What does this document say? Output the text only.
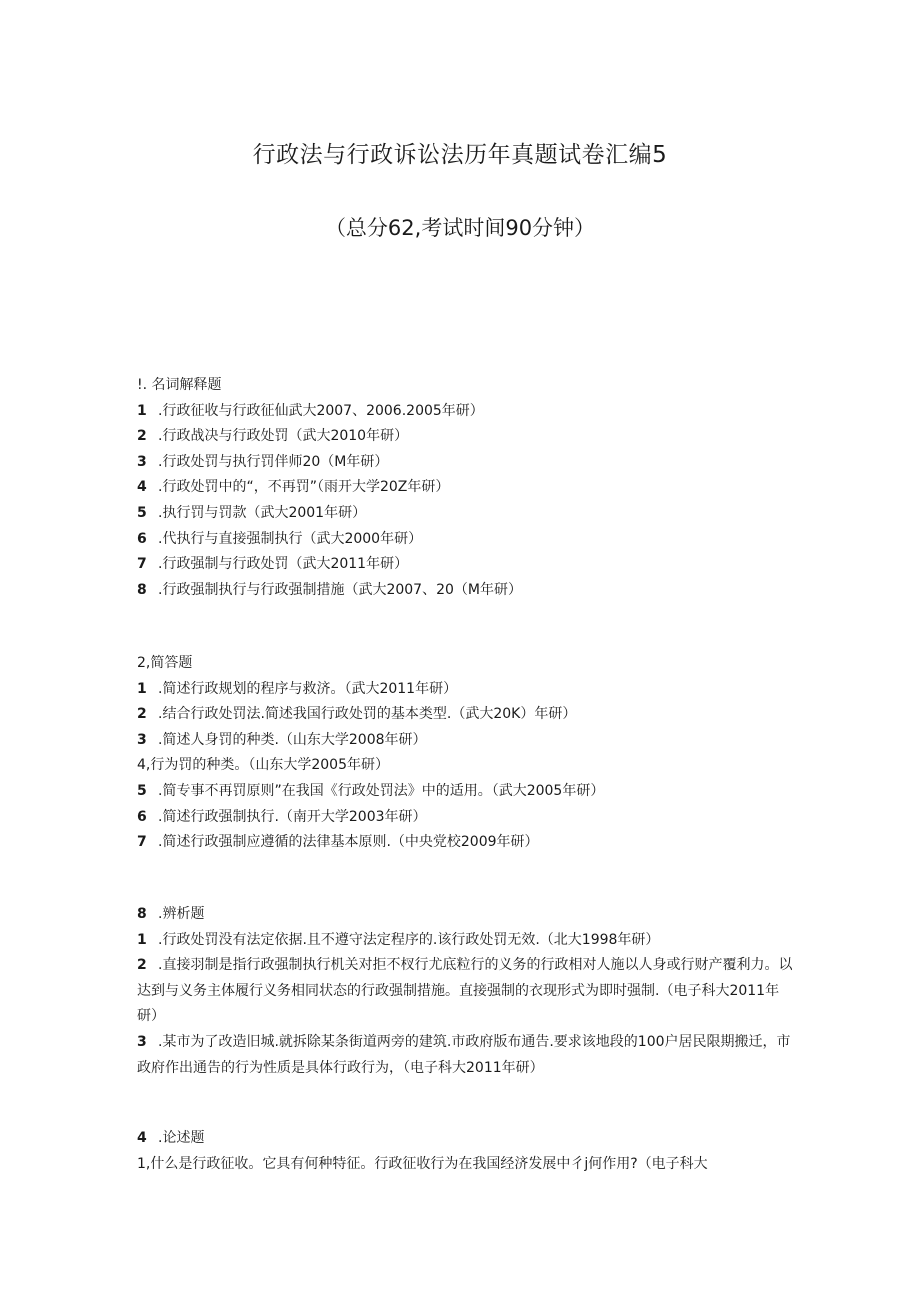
行政法与行政诉讼法历年真题试卷汇编5
（总分62,考试时间90分钟）
!. 名词解释题
1 .行政征收与行政征仙武大2007、2006.2005年研）
2 .行政战决与行政处罚（武大2010年研）
3 .行政处罚与执行罚伴师20（M年研）
4 .行政处罚中的“，不再罚”（雨开大学20Z年研）
5 .执行罚与罚款（武大2001年研）
6 .代执行与直接强制执行（武大2000年研）
7 .行政强制与行政处罚（武大2011年研）
8 .行政强制执行与行政强制措施（武大2007、20（M年研）
2,简答题
1 .简述行政规划的程序与救济。（武大2011年研）
2 .结合行政处罚法.简述我国行政处罚的基本类型.（武大20K）年研）
3 .简述人身罚的种类.（山东大学2008年研）
4,行为罚的种类。（山东大学2005年研）
5 .简专事不再罚原则”在我国《行政处罚法》中的适用。（武大2005年研）
6 .简述行政强制执行.（南开大学2003年研）
7 .简述行政强制应遵循的法律基本原则.（中央党校2009年研）
8 .辨析题
1 .行政处罚没有法定依据.且不遵守法定程序的.该行政处罚无效.（北大1998年研）
2 .直接羽制是指行政强制执行机关对拒不杈行尤底粒行的义务的行政相对人施以人身或行财产覆利力。以达到与义务主体履行义务相同状态的行政强制措施。直接强制的衣现形式为即时强制.（电子科大2011年研）
3 .某市为了改造旧城.就拆除某条街道两旁的建筑.市政府版布通告.要求该地段的100户居民限期搬迁，市政府作出通告的行为性质是具体行政行为，（电子科大2011年研）
4 .论述题
1,什么是行政征收。它具有何种特征。行政征收行为在我国经济发展中彳j何作用?（电子科大
